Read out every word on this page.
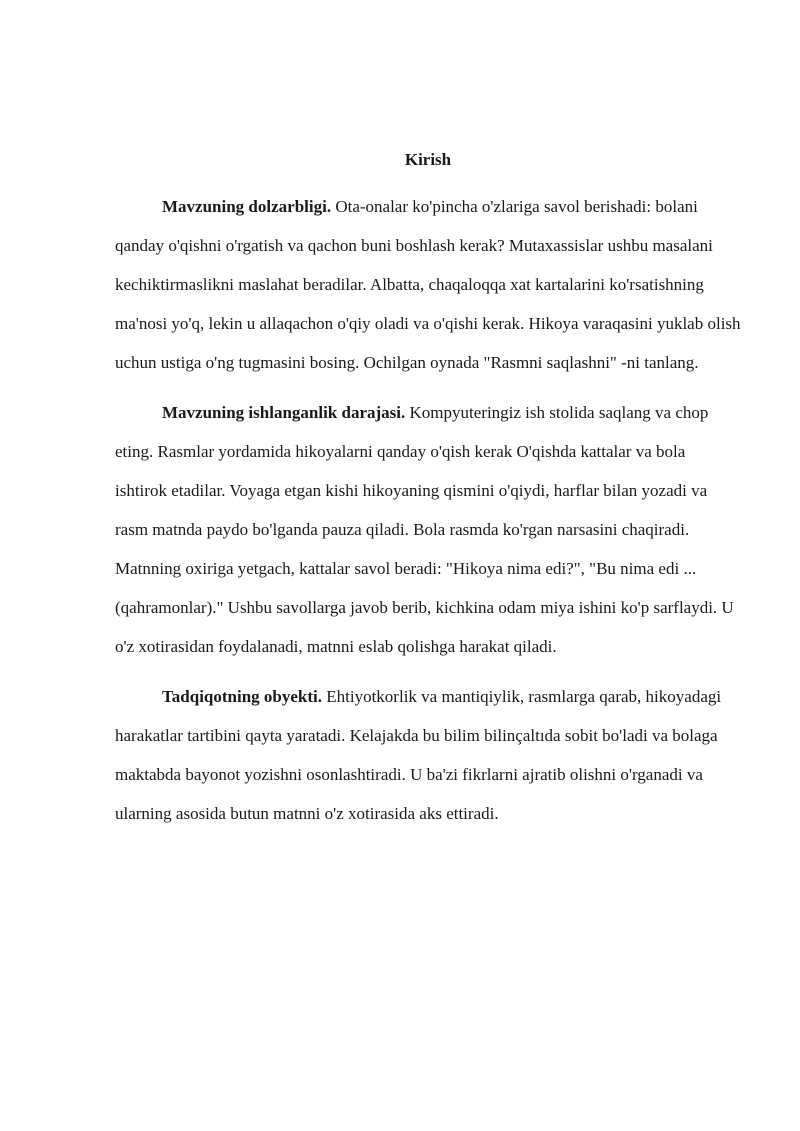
Kirish

Mavzuning dolzarbligi. Ota-onalar ko'pincha o'zlariga savol berishadi: bolani qanday o'qishni o'rgatish va qachon buni boshlash kerak? Mutaxassislar ushbu masalani kechiktirmaslikni maslahat beradilar. Albatta, chaqaloqqa xat kartalarini ko'rsatishning ma'nosi yo'q, lekin u allaqachon o'qiy oladi va o'qishi kerak. Hikoya varaqasini yuklab olish uchun ustiga o'ng tugmasini bosing. Ochilgan oynada "Rasmni saqlashni" -ni tanlang.

Mavzuning ishlanganlik darajasi. Kompyuteringiz ish stolida saqlang va chop eting. Rasmlar yordamida hikoyalarni qanday o'qish kerak O'qishda kattalar va bola ishtirok etadilar. Voyaga etgan kishi hikoyaning qismini o'qiydi, harflar bilan yozadi va rasm matnda paydo bo'lganda pauza qiladi. Bola rasmda ko'rgan narsasini chaqiradi. Matnning oxiriga yetgach, kattalar savol beradi: "Hikoya nima edi?", "Bu nima edi ... (qahramonlar)." Ushbu savollarga javob berib, kichkina odam miya ishini ko'p sarflaydi. U o'z xotirasidan foydalanadi, matnni eslab qolishga harakat qiladi.

Tadqiqotning obyekti. Ehtiyotkorlik va mantiqiylik, rasmlarga qarab, hikoyadagi harakatlar tartibini qayta yaratadi. Kelajakda bu bilim bilinçaltıda sobit bo'ladi va bolaga maktabda bayonot yozishni osonlashtiradi. U ba'zi fikrlarni ajratib olishni o'rganadi va ularning asosida butun matnni o'z xotirasida aks ettiradi.
